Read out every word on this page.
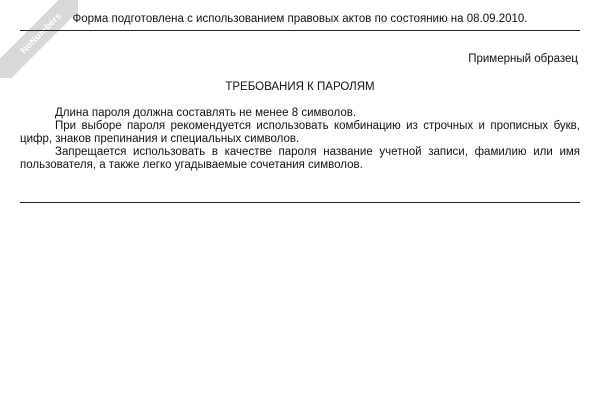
NoNumbers Форма подготовлена с использованием правовых актов по состоянию на 08.09.2010.
Примерный образец
ТРЕБОВАНИЯ К ПАРОЛЯМ

Длина пароля должна составлять не менее 8 символов.

При выборе пароля рекомендуется использовать комбинацию из строчных и прописных букв, цифр, знаков препинания и специальных символов.

Запрещается использовать в качестве пароля название учетной записи, фамилию или имя пользователя, а также легко угадываемые сочетания символов.
